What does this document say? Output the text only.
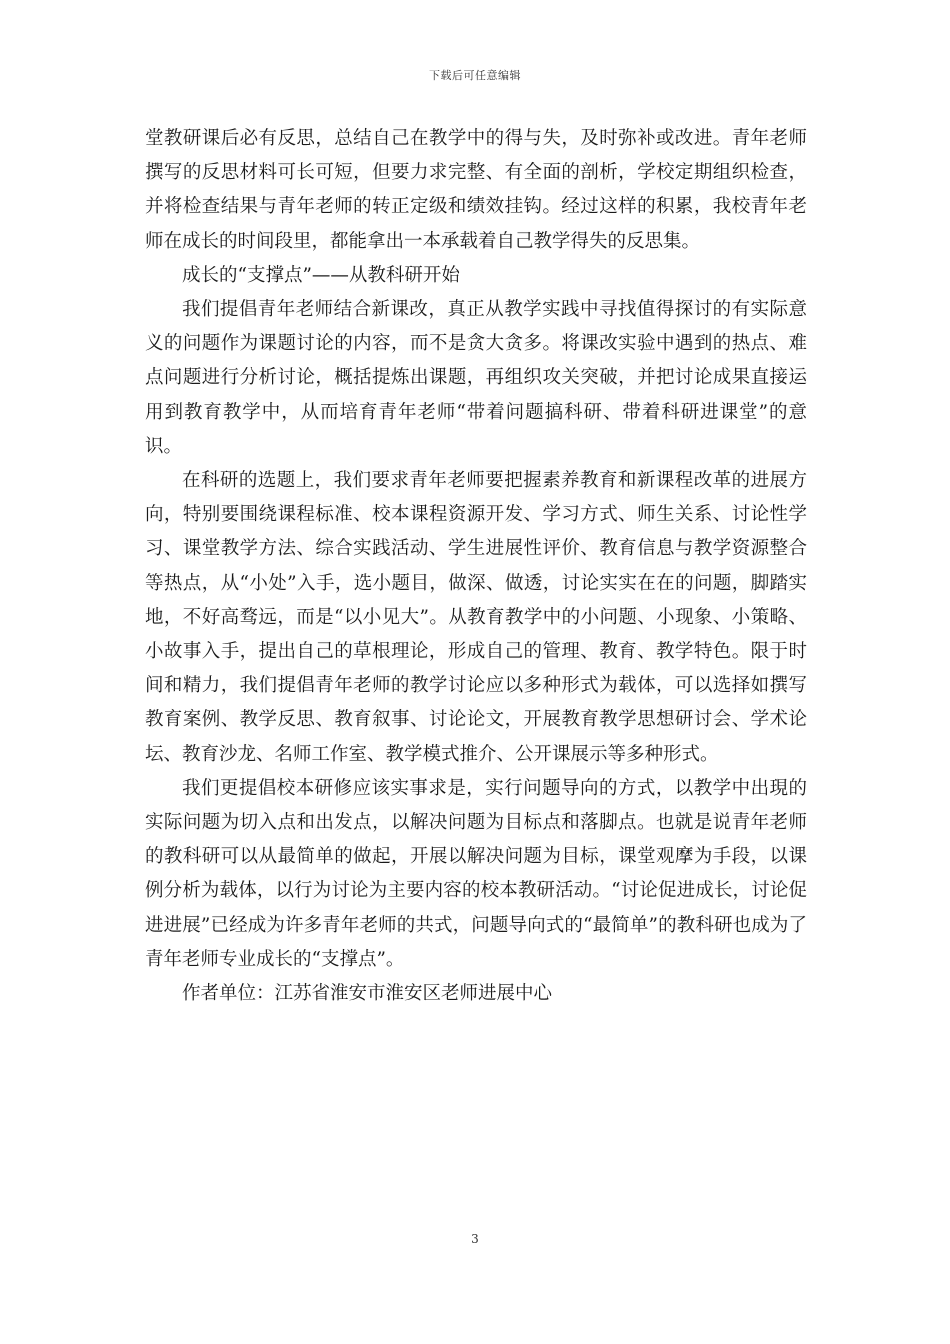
下载后可任意编辑

堂教研课后必有反思，总结自己在教学中的得与失，及时弥补或改进。青年老师撰写的反思材料可长可短，但要力求完整、有全面的剖析，学校定期组织检查，并将检查结果与青年老师的转正定级和绩效挂钩。经过这样的积累，我校青年老师在成长的时间段里，都能拿出一本承载着自己教学得失的反思集。

成长的“支撑点”——从教科研开始

我们提倡青年老师结合新课改，真正从教学实践中寻找值得探讨的有实际意义的问题作为课题讨论的内容，而不是贪大贪多。将课改实验中遇到的热点、难点问题进行分析讨论，概括提炼出课题，再组织攻关突破，并把讨论成果直接运用到教育教学中，从而培育青年老师“带着问题搞科研、带着科研进课堂”的意识。

在科研的选题上，我们要求青年老师要把握素养教育和新课程改革的进展方向，特别要围绕课程标准、校本课程资源开发、学习方式、师生关系、讨论性学习、课堂教学方法、综合实践活动、学生进展性评价、教育信息与教学资源整合等热点，从“小处”入手，选小题目，做深、做透，讨论实实在在的问题，脚踏实地，不好高骛远，而是“以小见大”。从教育教学中的小问题、小现象、小策略、小故事入手，提出自己的草根理论，形成自己的管理、教育、教学特色。限于时间和精力，我们提倡青年老师的教学讨论应以多种形式为载体，可以选择如撰写教育案例、教学反思、教育叙事、讨论论文，开展教育教学思想研讨会、学术论坛、教育沙龙、名师工作室、教学模式推介、公开课展示等多种形式。

我们更提倡校本研修应该实事求是，实行问题导向的方式，以教学中出現的实际问题为切入点和出发点，以解决问题为目标点和落脚点。也就是说青年老师的教科研可以从最简单的做起，开展以解决问题为目标，课堂观摩为手段，以课例分析为载体，以行为讨论为主要内容的校本教研活动。“讨论促进成长，讨论促进进展”已经成为许多青年老师的共式，问题导向式的“最简单”的教科研也成为了青年老师专业成长的“支撑点”。

作者单位：江苏省淮安市淮安区老师进展中心

3
